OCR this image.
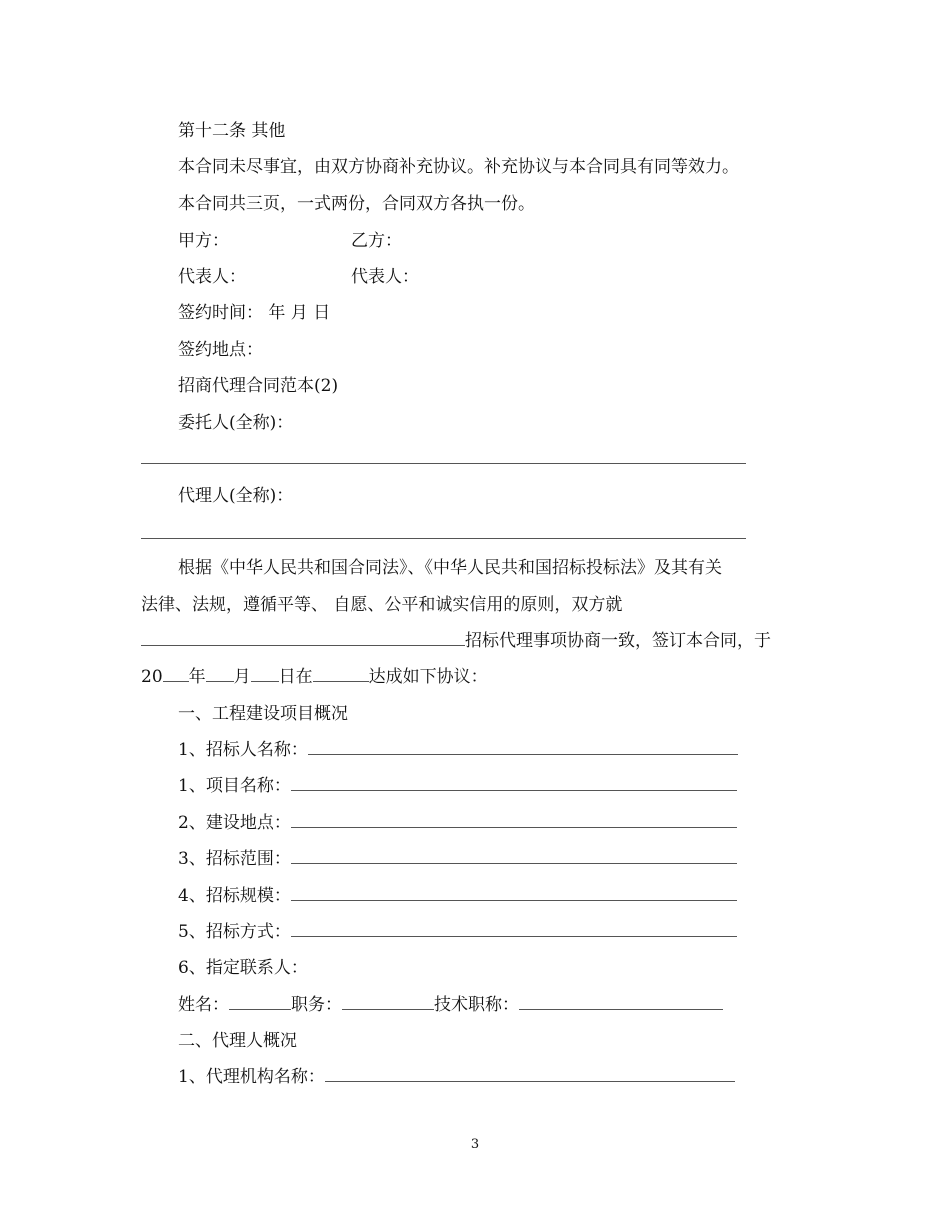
第十二条 其他
本合同未尽事宜，由双方协商补充协议。补充协议与本合同具有同等效力。
本合同共三页，一式两份，合同双方各执一份。
甲方：	乙方：
代表人：	代表人：
签约时间： 年 月 日
签约地点：
招商代理合同范本(2)
委托人(全称)：
代理人(全称)：
根据《中华人民共和国合同法》、《中华人民共和国招标投标法》及其有关
法律、法规，遵循平等、 自愿、公平和诚实信用的原则，双方就
招标代理事项协商一致，签订本合同，于
20 年 月 日在	达成如下协议：
一、工程建设项目概况
1、招标人名称：
1、项目名称：
2、建设地点：
3、招标范围：
4、招标规模：
5、招标方式：
6、指定联系人：
姓名：	职务：	技术职称：
二、代理人概况
1、代理机构名称：
3
